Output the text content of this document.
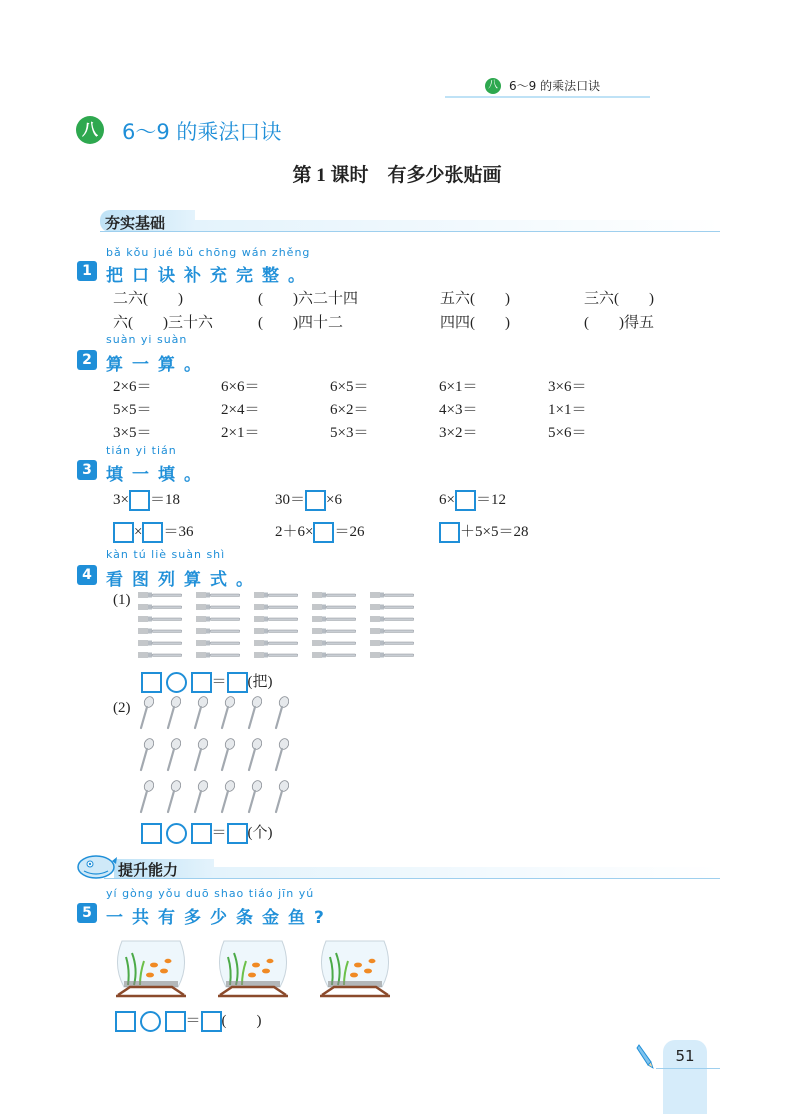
八 6～9 的乘法口诀
八 6～9 的乘法口诀
第 1 课时　有多少张贴画
夯实基础
bǎ kǒu jué bǔ chōng wán zhěng
1 把口诀补充完整。
二六(　　)	(　　)六二十四	五六(　　)	三六(　　)
六(　　)三十六	(　　)四十二	四四(　　)	(　　)得五
suàn yi suàn
2 算一算。
2×6＝	6×6＝	6×5＝	6×1＝	3×6＝
5×5＝	2×4＝	6×2＝	4×3＝	1×1＝
3×5＝	2×1＝	5×3＝	3×2＝	5×6＝
tián yi tián
3 填一填。
3× ＝18	30＝ ×6	6× ＝12
× ＝36	2＋6× ＝26	＋5×5＝28
kàn tú liè suàn shì
4 看图列算式。
(1)
＝ (把)
(2)
＝ (个)
提升能力
yí gòng yǒu duō shao tiáo jīn yú
5 一共有多少条金鱼?
＝ (　　)
51
